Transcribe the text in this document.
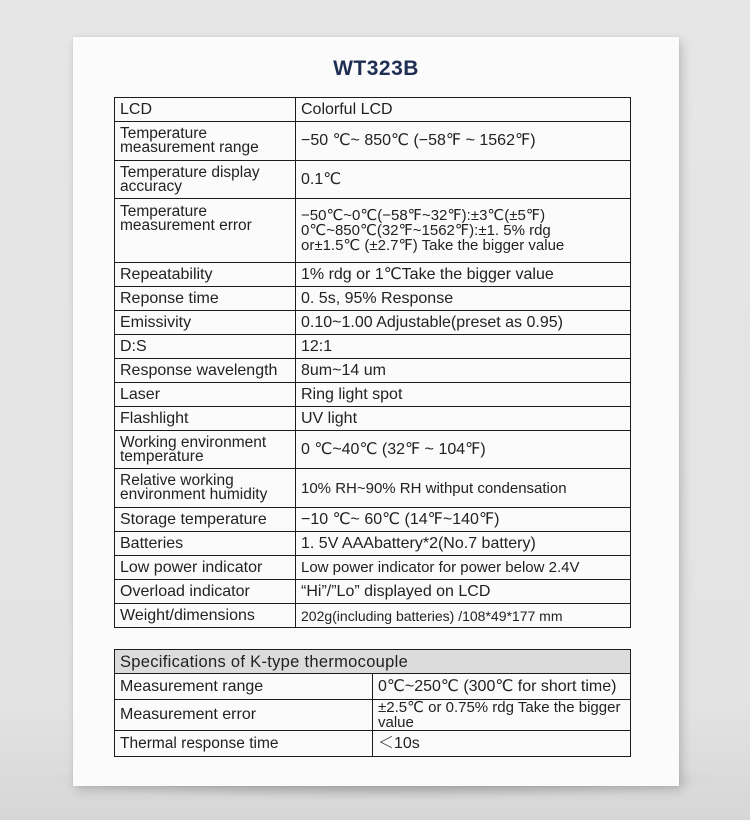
WT323B
LCD	Colorful LCD
Temperature measurement range	−50 ℃~ 850℃ (−58℉ ~ 1562℉)
Temperature display accuracy	0.1℃
Temperature measurement error	−50℃~0℃(−58℉~32℉):±3℃(±5℉)
0℃~850℃(32℉~1562℉):±1. 5% rdg
or±1.5℃ (±2.7℉) Take the bigger value

Repeatability	1% rdg or 1℃Take the bigger value
Reponse time	0. 5s, 95% Response
Emissivity	0.10~1.00 Adjustable(preset as 0.95)
D:S	12:1
Response wavelength	8um~14 um
Laser	Ring light spot
Flashlight	UV light
Working environment temperature	0 ℃~40℃ (32℉ ~ 104℉)
Relative working environment humidity	10% RH~90% RH withput condensation
Storage temperature	−10 ℃~ 60℃ (14℉~140℉)
Batteries	1. 5V AAAbattery*2(No.7 battery)
Low power indicator	Low power indicator for power below 2.4V
Overload indicator	“Hi”/”Lo” displayed on LCD
Weight/dimensions	202g(including batteries) /108*49*177 mm
Specifications of K-type thermocouple	
Measurement range	0℃~250℃ (300℃ for short time)
Measurement error	±2.5℃ or 0.75% rdg Take the bigger value
Thermal response time	＜10s
